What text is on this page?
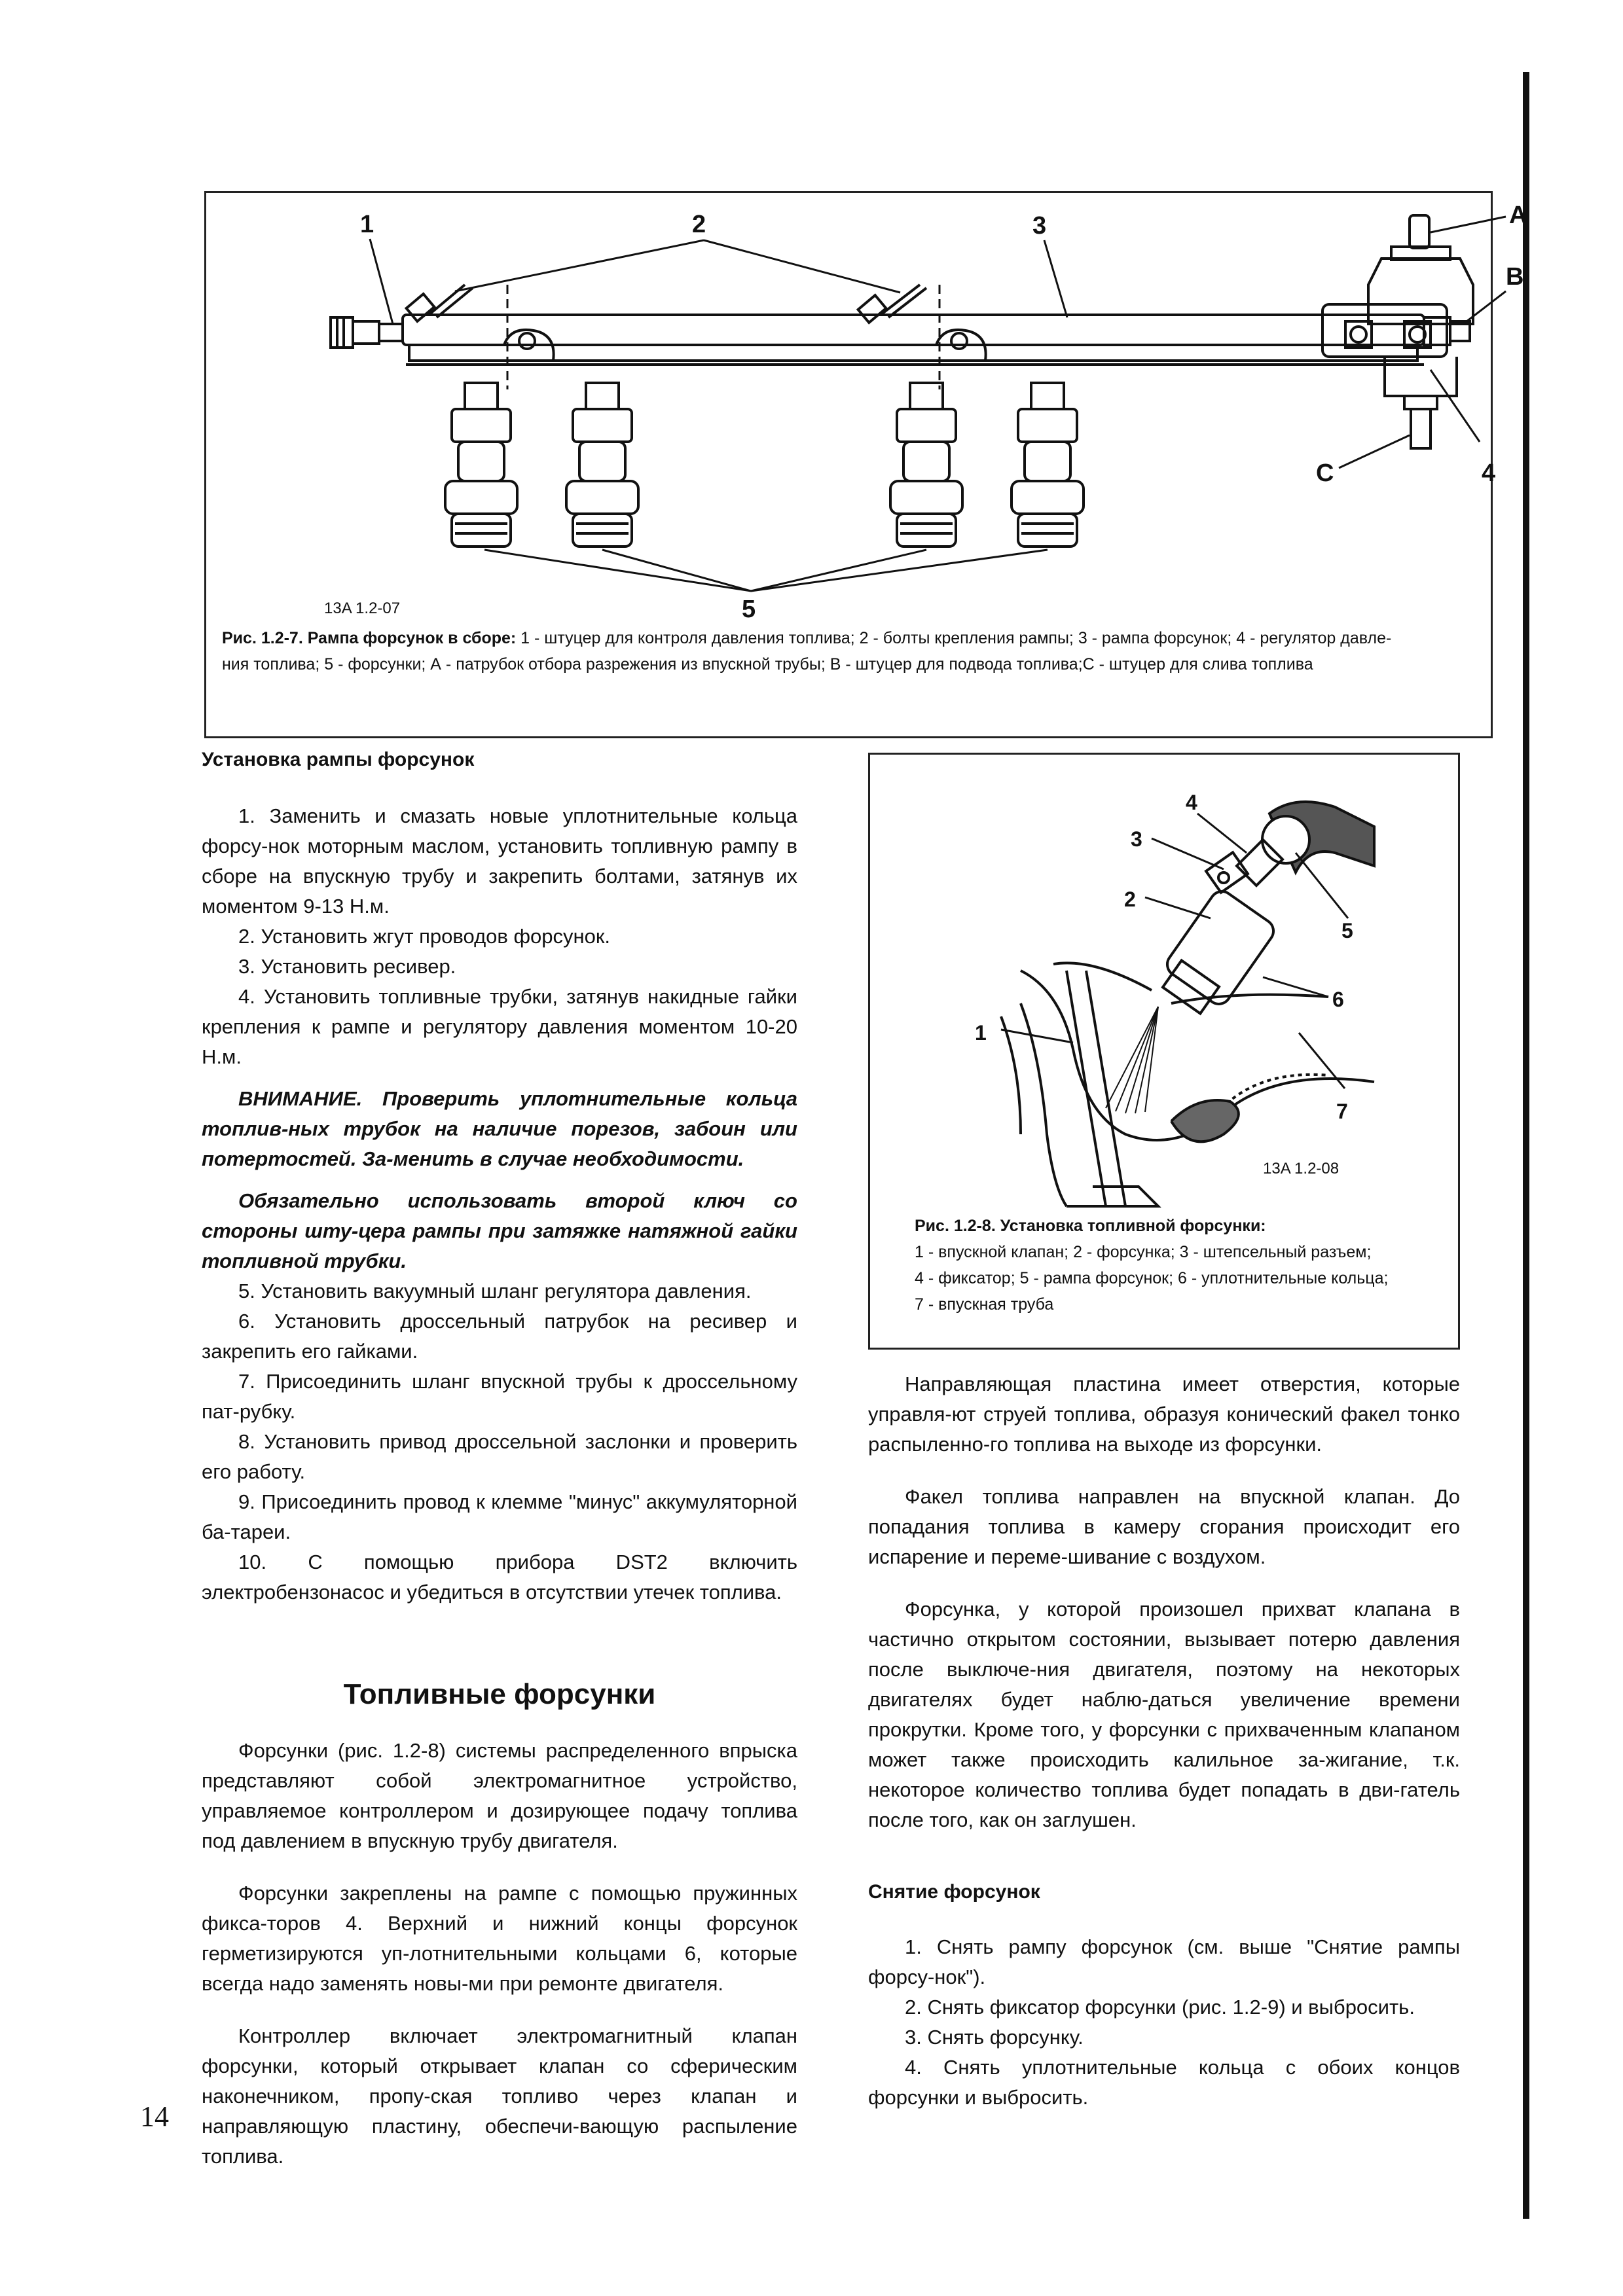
1	2	3	A
B
4
C
5
13A 1.2-07

Рис. 1.2-7. Рампа форсунок в сборе: 1 - штуцер для контроля давления топлива; 2 - болты крепления рампы; 3 - рампа форсунок; 4 - регулятор давле-

ния топлива; 5 - форсунки; А - патрубок отбора разрежения из впускной трубы; В - штуцер для подвода топлива;С - штуцер для слива топлива

Установка рампы форсунок

1. Заменить и смазать новые уплотнительные кольца форсу-нок моторным маслом, установить топливную рампу в сборе на впускную трубу и закрепить болтами, затянув их моментом 9-13 Н.м.

2. Установить жгут проводов форсунок.

3. Установить ресивер.

4. Установить топливные трубки, затянув накидные гайки крепления к рампе и регулятору давления моментом 10-20 Н.м.

ВНИМАНИЕ. Проверить уплотнительные кольца топлив-ных трубок на наличие порезов, забоин или потертостей. За-менить в случае необходимости.

Обязательно использовать второй ключ со стороны шту-цера рампы при затяжке натяжной гайки топливной трубки.

5. Установить вакуумный шланг регулятора давления.

6. Установить дроссельный патрубок на ресивер и закрепить его гайками.

7. Присоединить шланг впускной трубы к дроссельному пат-рубку.

8. Установить привод дроссельной заслонки и проверить его работу.

9. Присоединить провод к клемме "минус" аккумуляторной ба-тареи.

10. С помощью прибора DST2 включить электробензонасос и убедиться в отсутствии утечек топлива.

Топливные форсунки

Форсунки (рис. 1.2-8) системы распределенного впрыска представляют собой электромагнитное устройство, управляемое контроллером и дозирующее подачу топлива под давлением в впускную трубу двигателя.

Форсунки закреплены на рампе с помощью пружинных фикса-торов 4. Верхний и нижний концы форсунок герметизируются уп-лотнительными кольцами 6, которые всегда надо заменять новы-ми при ремонте двигателя.

Контроллер включает электромагнитный клапан форсунки, который открывает клапан со сферическим наконечником, пропу-ская топливо через клапан и направляющую пластину, обеспечи-вающую распыление топлива.

4
3
2
5
6
1
7
13A 1.2-08

Рис. 1.2-8. Установка топливной форсунки:

1 - впускной клапан; 2 - форсунка; 3 - штепсельный разъем;

4 - фиксатор; 5 - рампа форсунок; 6 - уплотнительные кольца;

7 - впускная труба

Направляющая пластина имеет отверстия, которые управля-ют струей топлива, образуя конический факел тонко распыленно-го топлива на выходе из форсунки.

Факел топлива направлен на впускной клапан. До попадания топлива в камеру сгорания происходит его испарение и переме-шивание с воздухом.

Форсунка, у которой произошел прихват клапана в частично открытом состоянии, вызывает потерю давления после выключе-ния двигателя, поэтому на некоторых двигателях будет наблю-даться увеличение времени прокрутки. Кроме того, у форсунки с прихваченным клапаном может также происходить калильное за-жигание, т.к. некоторое количество топлива будет попадать в дви-гатель после того, как он заглушен.

Снятие форсунок

1. Снять рампу форсунок (см. выше "Снятие рампы форсу-нок").

2. Снять фиксатор форсунки (рис. 1.2-9) и выбросить.

3. Снять форсунку.

4. Снять уплотнительные кольца с обоих концов форсунки и выбросить.

14
